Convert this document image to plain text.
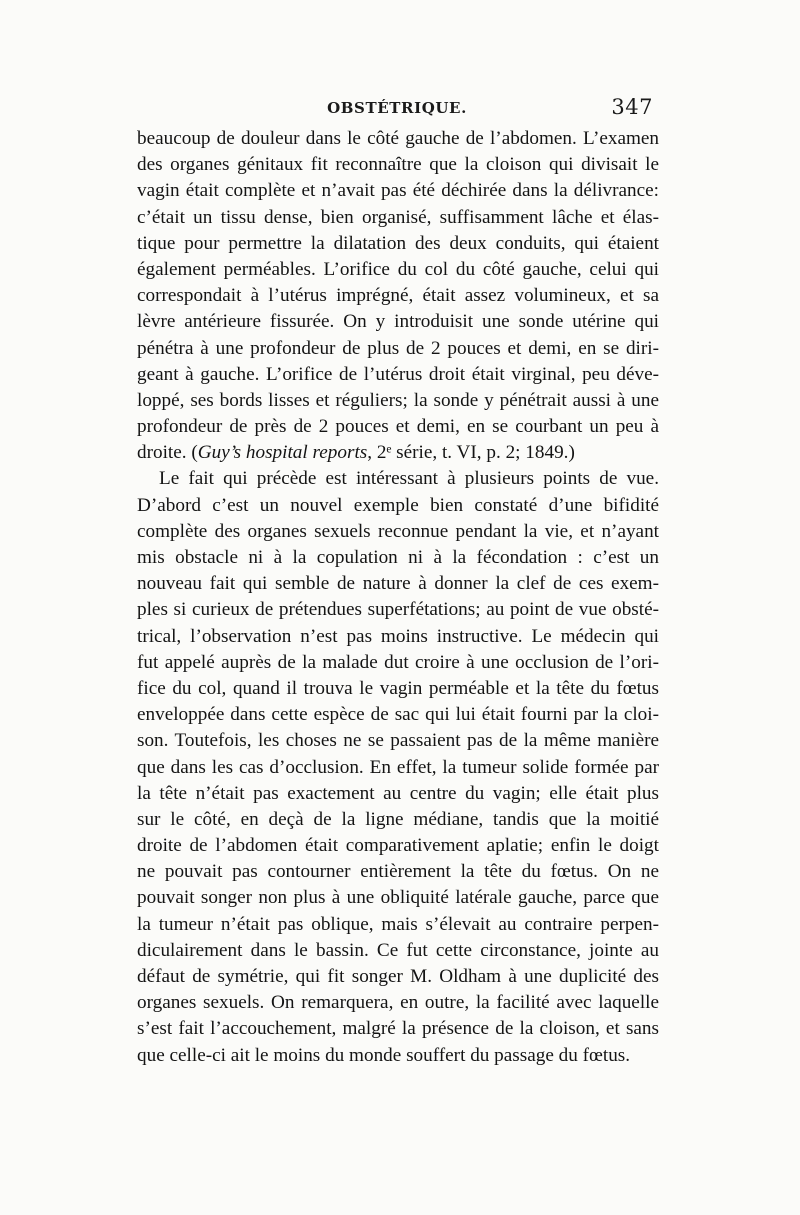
OBSTÉTRIQUE.	347
beaucoup de douleur dans le côté gauche de l’abdomen. L’examen
des organes génitaux fit reconnaître que la cloison qui divisait le
vagin était complète et n’avait pas été déchirée dans la délivrance:
c’était un tissu dense, bien organisé, suffisamment lâche et élas-
tique pour permettre la dilatation des deux conduits, qui étaient
également perméables. L’orifice du col du côté gauche, celui qui
correspondait à l’utérus imprégné, était assez volumineux, et sa
lèvre antérieure fissurée. On y introduisit une sonde utérine qui
pénétra à une profondeur de plus de 2 pouces et demi, en se diri-
geant à gauche. L’orifice de l’utérus droit était virginal, peu déve-
loppé, ses bords lisses et réguliers; la sonde y pénétrait aussi à une
profondeur de près de 2 pouces et demi, en se courbant un peu à
droite. (Guy’s hospital reports, 2ᵉ série, t. VI, p. 2; 1849.)
Le fait qui précède est intéressant à plusieurs points de vue.
D’abord c’est un nouvel exemple bien constaté d’une bifidité
complète des organes sexuels reconnue pendant la vie, et n’ayant
mis obstacle ni à la copulation ni à la fécondation : c’est un
nouveau fait qui semble de nature à donner la clef de ces exem-
ples si curieux de prétendues superfétations; au point de vue obsté-
trical, l’observation n’est pas moins instructive. Le médecin qui
fut appelé auprès de la malade dut croire à une occlusion de l’ori-
fice du col, quand il trouva le vagin perméable et la tête du fœtus
enveloppée dans cette espèce de sac qui lui était fourni par la cloi-
son. Toutefois, les choses ne se passaient pas de la même manière
que dans les cas d’occlusion. En effet, la tumeur solide formée par
la tête n’était pas exactement au centre du vagin; elle était plus
sur le côté, en deçà de la ligne médiane, tandis que la moitié
droite de l’abdomen était comparativement aplatie; enfin le doigt
ne pouvait pas contourner entièrement la tête du fœtus. On ne
pouvait songer non plus à une obliquité latérale gauche, parce que
la tumeur n’était pas oblique, mais s’élevait au contraire perpen-
diculairement dans le bassin. Ce fut cette circonstance, jointe au
défaut de symétrie, qui fit songer M. Oldham à une duplicité des
organes sexuels. On remarquera, en outre, la facilité avec laquelle
s’est fait l’accouchement, malgré la présence de la cloison, et sans
que celle-ci ait le moins du monde souffert du passage du fœtus.
